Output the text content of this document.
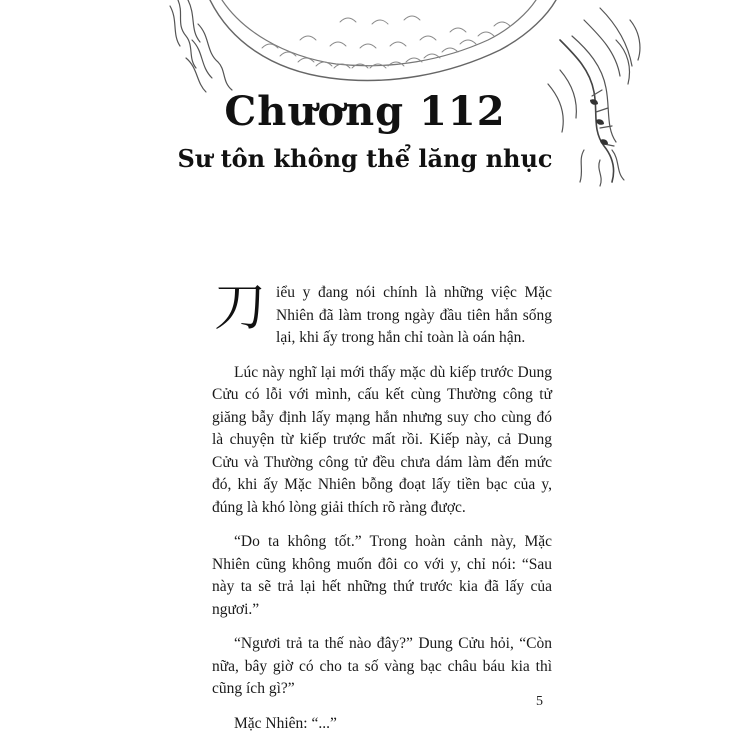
Chương 112
Sư tôn không thể lăng nhục

刀iểu y đang nói chính là những việc Mặc Nhiên đã làm trong ngày đầu tiên hắn sống lại, khi ấy trong hắn chỉ toàn là oán hận.

Lúc này nghĩ lại mới thấy mặc dù kiếp trước Dung Cửu có lỗi với mình, cấu kết cùng Thường công tử giăng bẫy định lấy mạng hắn nhưng suy cho cùng đó là chuyện từ kiếp trước mất rồi. Kiếp này, cả Dung Cửu và Thường công tử đều chưa dám làm đến mức đó, khi ấy Mặc Nhiên bỗng đoạt lấy tiền bạc của y, đúng là khó lòng giải thích rõ ràng được.

“Do ta không tốt.” Trong hoàn cảnh này, Mặc Nhiên cũng không muốn đôi co với y, chỉ nói: “Sau này ta sẽ trả lại hết những thứ trước kia đã lấy của ngươi.”

“Ngươi trả ta thế nào đây?” Dung Cửu hỏi, “Còn nữa, bây giờ có cho ta số vàng bạc châu báu kia thì cũng ích gì?”

Mặc Nhiên: “...”

5
